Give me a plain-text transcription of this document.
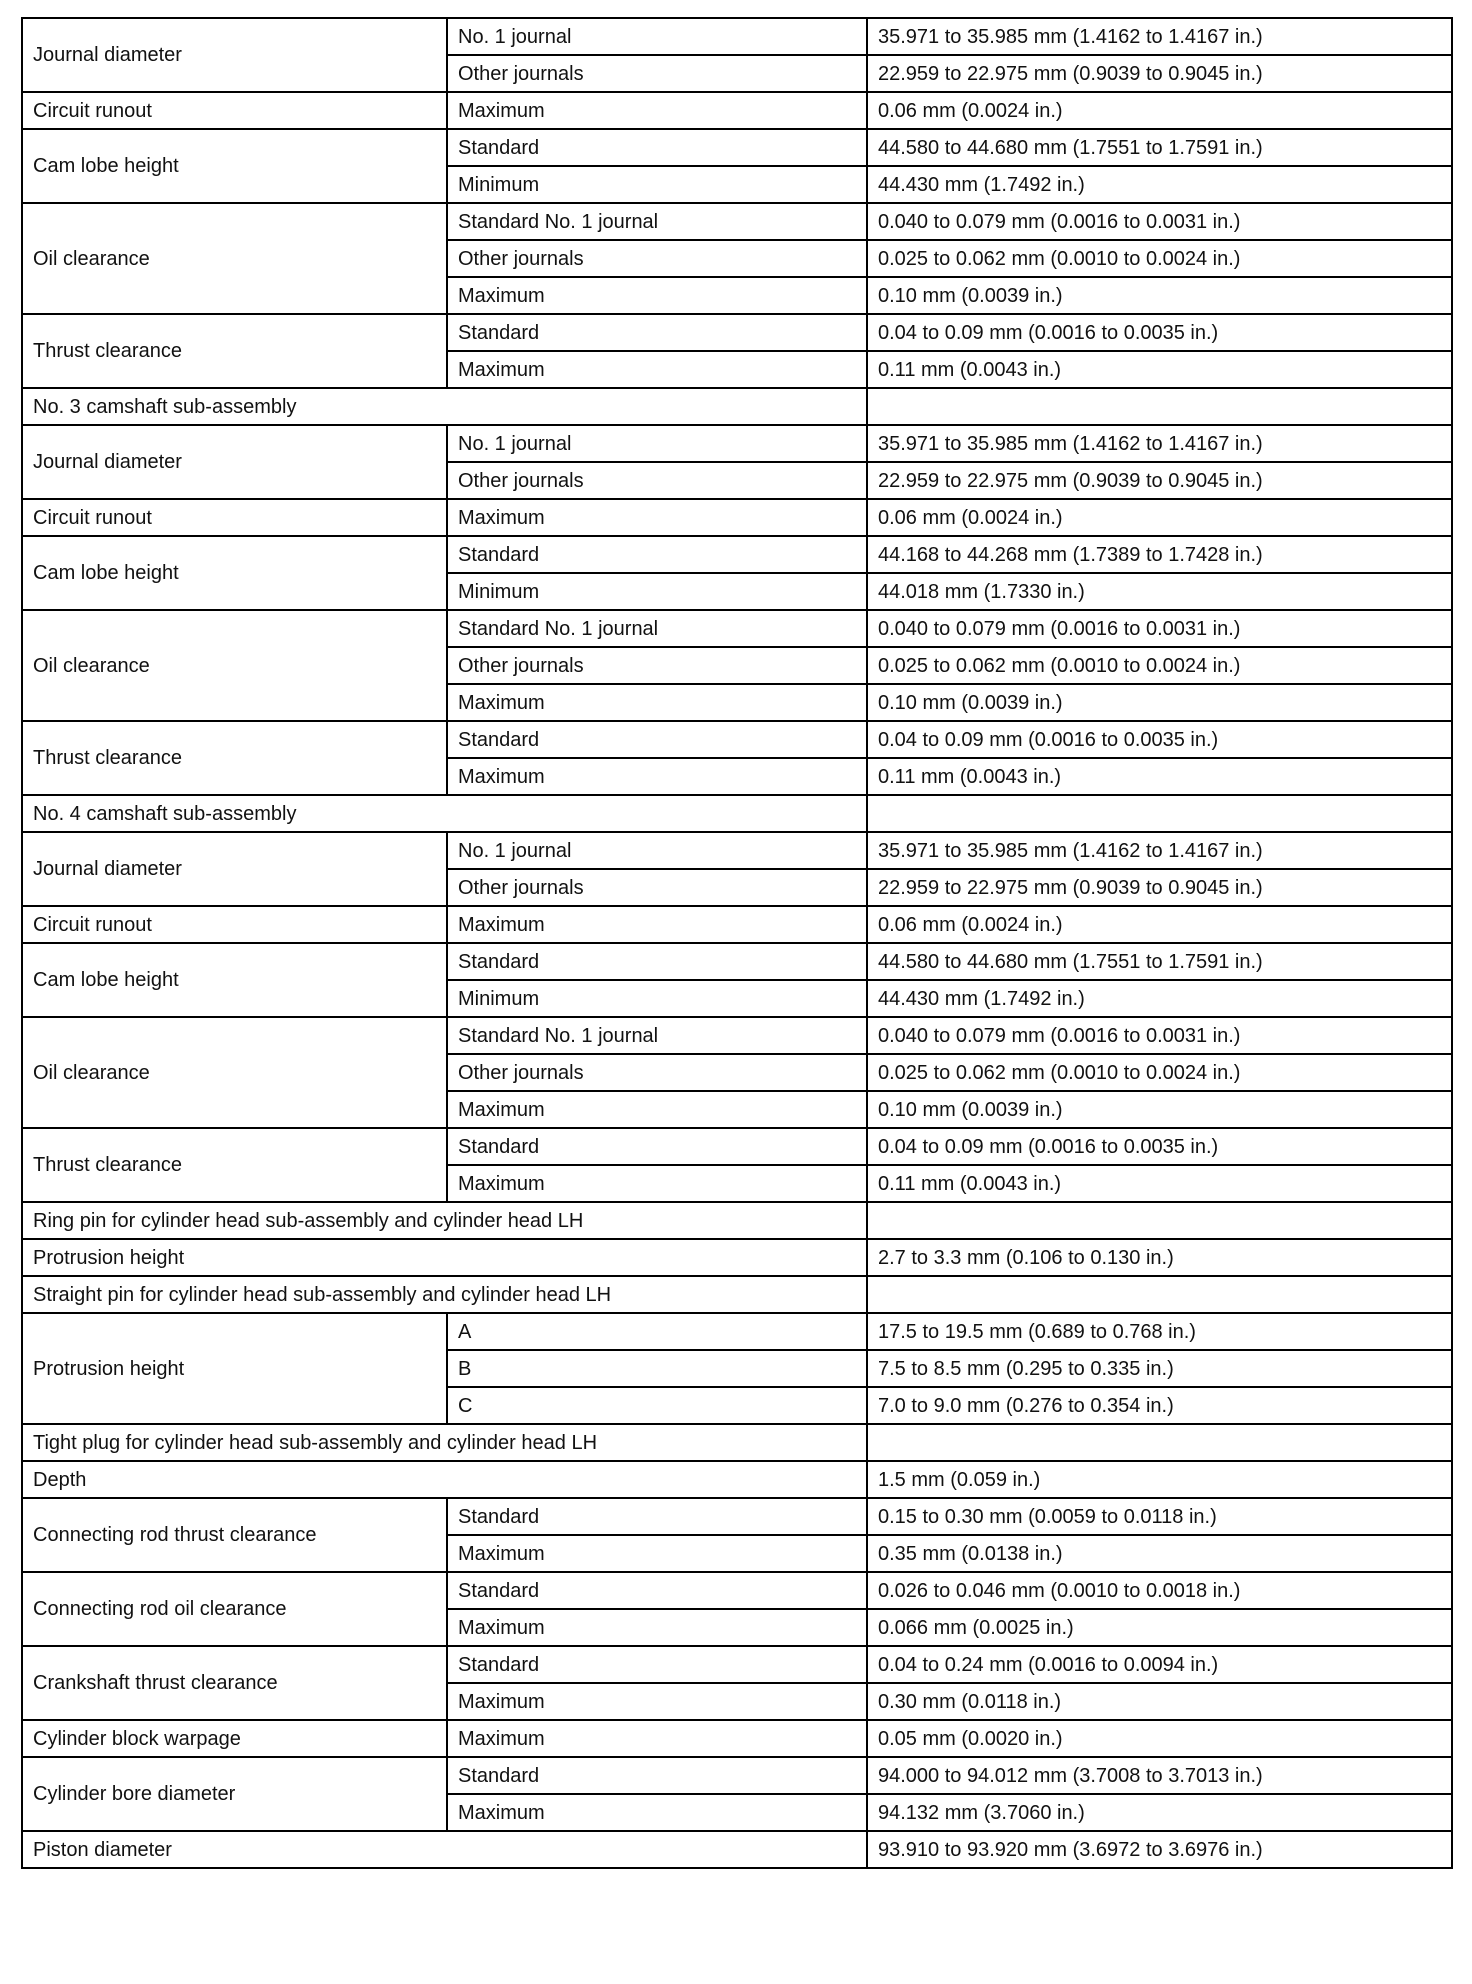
Journal diameter	No. 1 journal	35.971 to 35.985 mm (1.4162 to 1.4167 in.)
	Other journals	22.959 to 22.975 mm (0.9039 to 0.9045 in.)
Circuit runout	Maximum	0.06 mm (0.0024 in.)
Cam lobe height	Standard	44.580 to 44.680 mm (1.7551 to 1.7591 in.)
	Minimum	44.430 mm (1.7492 in.)
Oil clearance	Standard No. 1 journal	0.040 to 0.079 mm (0.0016 to 0.0031 in.)
	Other journals	0.025 to 0.062 mm (0.0010 to 0.0024 in.)
	Maximum	0.10 mm (0.0039 in.)
Thrust clearance	Standard	0.04 to 0.09 mm (0.0016 to 0.0035 in.)
	Maximum	0.11 mm (0.0043 in.)
No. 3 camshaft sub-assembly		
Journal diameter	No. 1 journal	35.971 to 35.985 mm (1.4162 to 1.4167 in.)
	Other journals	22.959 to 22.975 mm (0.9039 to 0.9045 in.)
Circuit runout	Maximum	0.06 mm (0.0024 in.)
Cam lobe height	Standard	44.168 to 44.268 mm (1.7389 to 1.7428 in.)
	Minimum	44.018 mm (1.7330 in.)
Oil clearance	Standard No. 1 journal	0.040 to 0.079 mm (0.0016 to 0.0031 in.)
	Other journals	0.025 to 0.062 mm (0.0010 to 0.0024 in.)
	Maximum	0.10 mm (0.0039 in.)
Thrust clearance	Standard	0.04 to 0.09 mm (0.0016 to 0.0035 in.)
	Maximum	0.11 mm (0.0043 in.)
No. 4 camshaft sub-assembly		
Journal diameter	No. 1 journal	35.971 to 35.985 mm (1.4162 to 1.4167 in.)
	Other journals	22.959 to 22.975 mm (0.9039 to 0.9045 in.)
Circuit runout	Maximum	0.06 mm (0.0024 in.)
Cam lobe height	Standard	44.580 to 44.680 mm (1.7551 to 1.7591 in.)
	Minimum	44.430 mm (1.7492 in.)
Oil clearance	Standard No. 1 journal	0.040 to 0.079 mm (0.0016 to 0.0031 in.)
	Other journals	0.025 to 0.062 mm (0.0010 to 0.0024 in.)
	Maximum	0.10 mm (0.0039 in.)
Thrust clearance	Standard	0.04 to 0.09 mm (0.0016 to 0.0035 in.)
	Maximum	0.11 mm (0.0043 in.)
Ring pin for cylinder head sub-assembly and cylinder head LH		
Protrusion height		2.7 to 3.3 mm (0.106 to 0.130 in.)
Straight pin for cylinder head sub-assembly and cylinder head LH		
Protrusion height	A	17.5 to 19.5 mm (0.689 to 0.768 in.)
	B	7.5 to 8.5 mm (0.295 to 0.335 in.)
	C	7.0 to 9.0 mm (0.276 to 0.354 in.)
Tight plug for cylinder head sub-assembly and cylinder head LH		
Depth		1.5 mm (0.059 in.)
Connecting rod thrust clearance	Standard	0.15 to 0.30 mm (0.0059 to 0.0118 in.)
	Maximum	0.35 mm (0.0138 in.)
Connecting rod oil clearance	Standard	0.026 to 0.046 mm (0.0010 to 0.0018 in.)
	Maximum	0.066 mm (0.0025 in.)
Crankshaft thrust clearance	Standard	0.04 to 0.24 mm (0.0016 to 0.0094 in.)
	Maximum	0.30 mm (0.0118 in.)
Cylinder block warpage	Maximum	0.05 mm (0.0020 in.)
Cylinder bore diameter	Standard	94.000 to 94.012 mm (3.7008 to 3.7013 in.)
	Maximum	94.132 mm (3.7060 in.)
Piston diameter		93.910 to 93.920 mm (3.6972 to 3.6976 in.)
